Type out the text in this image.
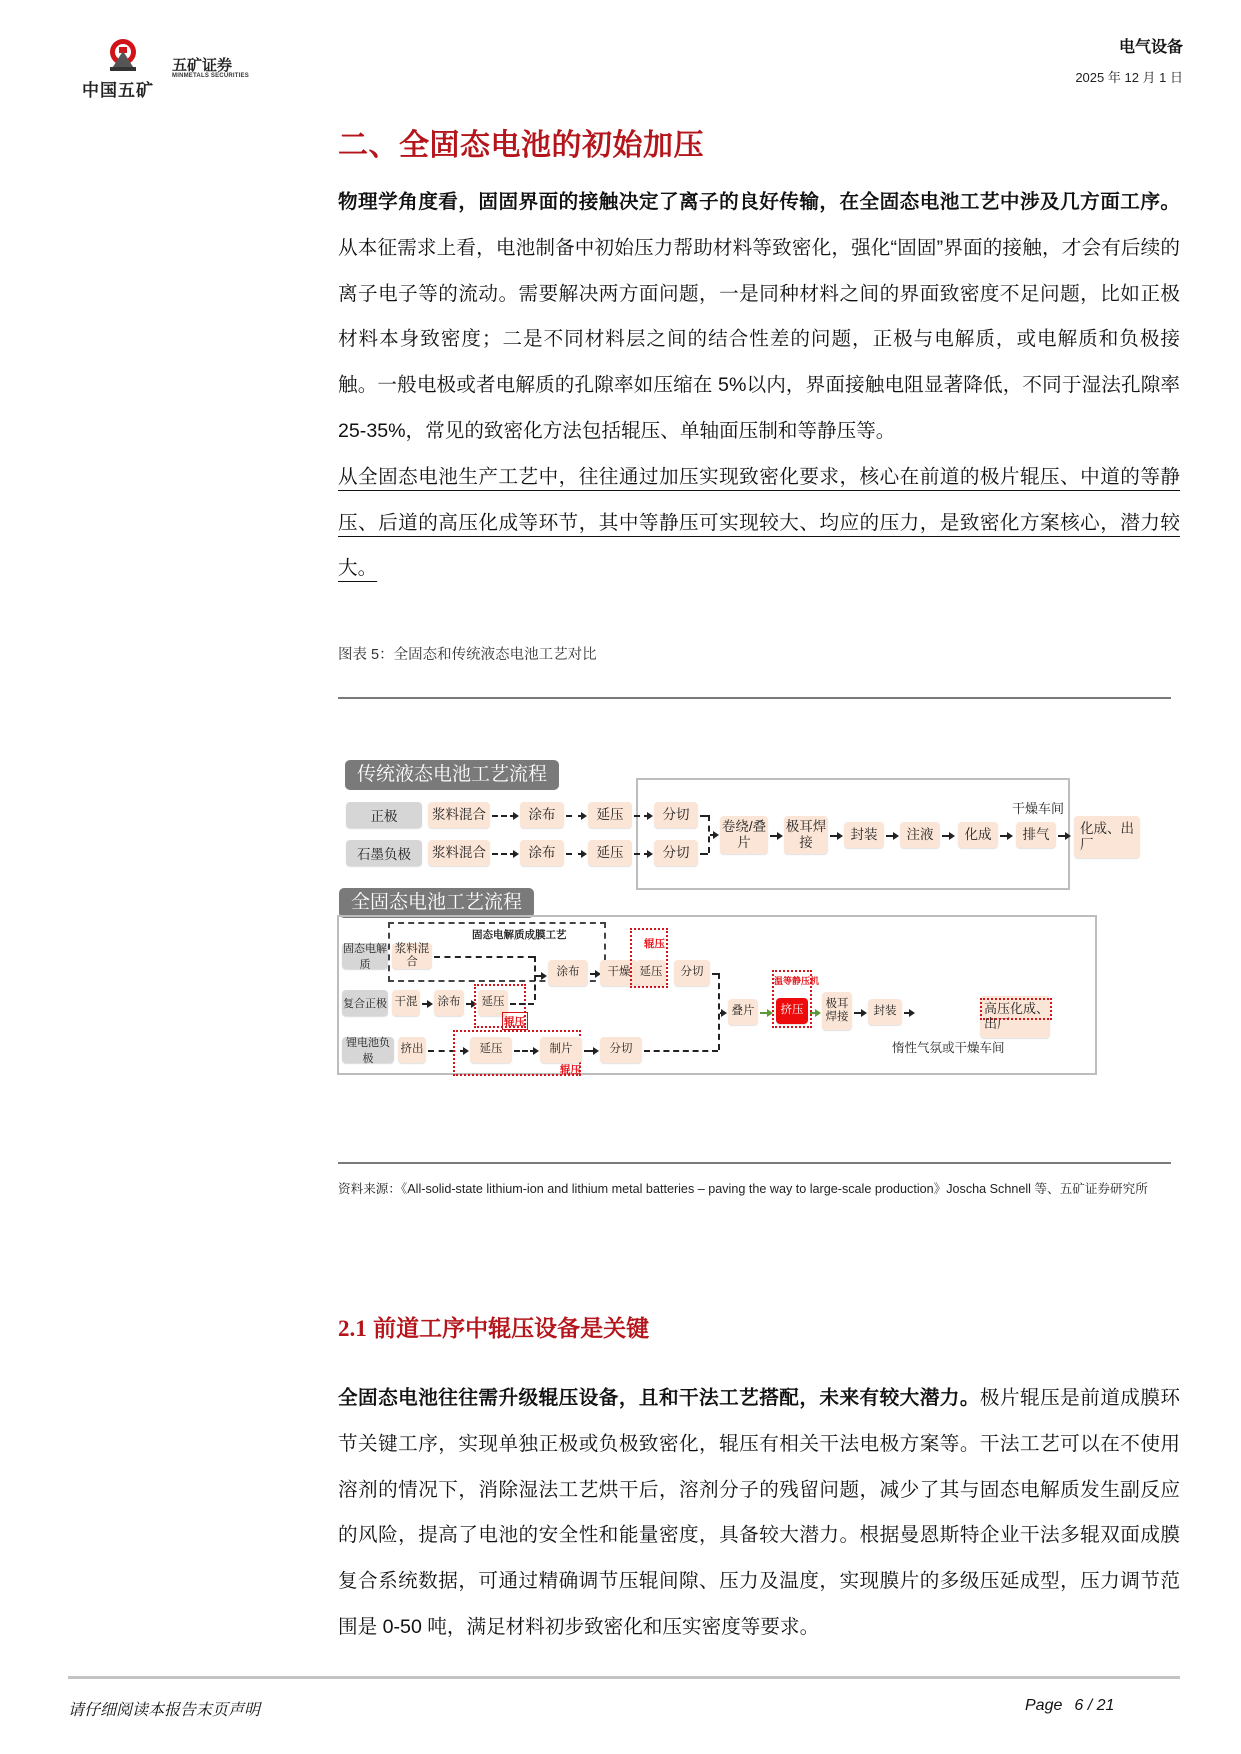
中国五矿
五矿证券
MINMETALS SECURITIES
电气设备
2025 年 12 月 1 日
二、全固态电池的初始加压
物理学角度看，固固界面的接触决定了离子的良好传输，在全固态电池工艺中涉及几方面工序。从本征需求上看，电池制备中初始压力帮助材料等致密化，强化“固固”界面的接触，才会有后续的离子电子等的流动。需要解决两方面问题，一是同种材料之间的界面致密度不足问题，比如正极材料本身致密度；二是不同材料层之间的结合性差的问题，正极与电解质，或电解质和负极接触。一般电极或者电解质的孔隙率如压缩在 5%以内，界面接触电阻显著降低，不同于湿法孔隙率 25-35%，常见的致密化方法包括辊压、单轴面压制和等静压等。
从全固态电池生产工艺中，往往通过加压实现致密化要求，核心在前道的极片辊压、中道的等静压、后道的高压化成等环节，其中等静压可实现较大、均应的压力，是致密化方案核心，潜力较大。
图表 5：全固态和传统液态电池工艺对比
传统液态电池工艺流程
干燥车间
正极	浆料混合	涂布	延压	分切
石墨负极	浆料混合	涂布	延压	分切
卷绕/叠片
极耳焊接
封装	注液	化成	排气	化成、出厂
全固态电池工艺流程
固态电解质成膜工艺
固态电解质
浆料混合
涂布	干燥
辊压
延压	分切
复合正极 干混	涂布	延压
辊压
锂电池负极
挤出	延压	制片
辊压
分切
叠片
温等静压机
挤压
极耳焊接	封装
惰性气氛或干燥车间
高压化成、出厂
资料来源：《All-solid-state lithium-ion and lithium metal batteries – paving the way to large-scale production》Joscha Schnell 等、五矿证券研究所
2.1 前道工序中辊压设备是关键
全固态电池往往需升级辊压设备，且和干法工艺搭配，未来有较大潜力。极片辊压是前道成膜环节关键工序，实现单独正极或负极致密化，辊压有相关干法电极方案等。干法工艺可以在不使用溶剂的情况下，消除湿法工艺烘干后，溶剂分子的残留问题，减少了其与固态电解质发生副反应的风险，提高了电池的安全性和能量密度，具备较大潜力。根据曼恩斯特企业干法多辊双面成膜复合系统数据，可通过精确调节压辊间隙、压力及温度，实现膜片的多级压延成型，压力调节范围是 0-50 吨，满足材料初步致密化和压实密度等要求。
请仔细阅读本报告末页声明	Page 6 / 21
